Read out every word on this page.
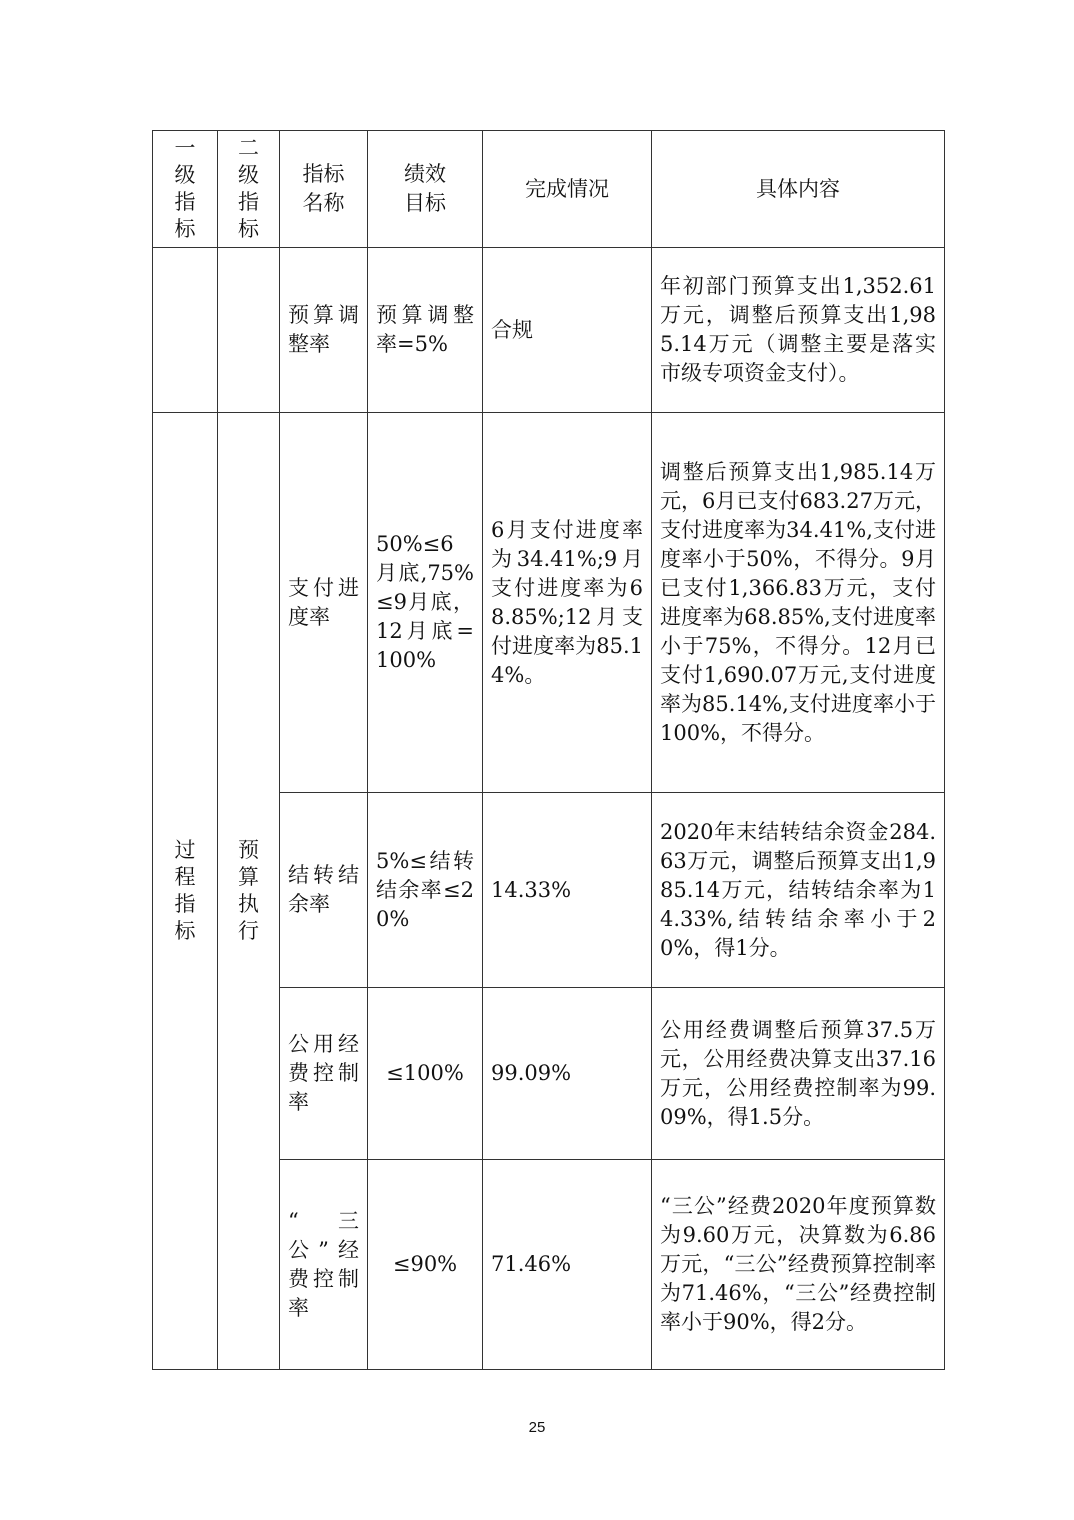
一级指标	二级指标	指标名称	绩效目标	完成情况	具体内容
		预算调整率	预算调整率=5%	合规	年初部门预算支出1,352.61万元，调整后预算支出1,985.14万元（调整主要是落实市级专项资金支付）。
过程指标	预算执行	支付进度率	50%≤6月底,75%≤9月底，12月底=100%	6月支付进度率为34.41%;9月支付进度率为68.85%;12月支付进度率为85.14%。	调整后预算支出1,985.14万元，6月已支付683.27万元，支付进度率为34.41%,支付进度率小于50%，不得分。9月已支付1,366.83万元，支付进度率为68.85%,支付进度率小于75%，不得分。12月已支付1,690.07万元,支付进度率为85.14%,支付进度率小于100%，不得分。
		结转结余率	5%≤结转结余率≤20%	14.33%	2020年末结转结余资金284.63万元，调整后预算支出1,985.14万元，结转结余率为14.33%,结转结余率小于20%，得1分。
		公用经费控制率	≤100%	99.09%	公用经费调整后预算37.5万元，公用经费决算支出37.16万元，公用经费控制率为99.09%，得1.5分。
		“三公”经费控制率	≤90%	71.46%	“三公”经费2020年度预算数为9.60万元，决算数为6.86万元，“三公”经费预算控制率为71.46%，“三公”经费控制率小于90%，得2分。
25
